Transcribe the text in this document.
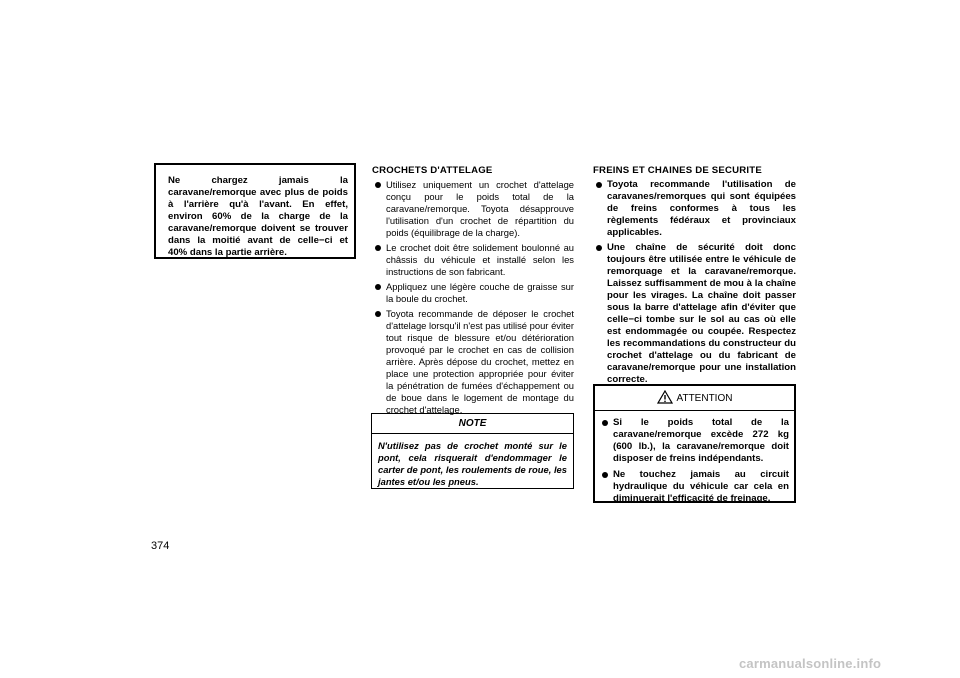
Ne chargez jamais la
caravane/remorque avec plus de poids
à l'arrière qu'à l'avant. En effet,
environ 60% de la charge de la
caravane/remorque doivent se trouver
dans la moitié avant de celle−ci et
40% dans la partie arrière.
CROCHETS D'ATTELAGE
Utilisez uniquement un crochet d'attelage conçu pour le poids total de la caravane/remorque. Toyota désapprouve l'utilisation d'un crochet de répartition du poids (équilibrage de la charge).
Le crochet doit être solidement boulonné au châssis du véhicule et installé selon les instructions de son fabricant.
Appliquez une légère couche de graisse sur la boule du crochet.
Toyota recommande de déposer le crochet d'attelage lorsqu'il n'est pas utilisé pour éviter tout risque de blessure et/ou détérioration provoqué par le crochet en cas de collision arrière. Après dépose du crochet, mettez en place une protection appropriée pour éviter la pénétration de fumées d'échappement ou de boue dans le logement de montage du crochet d'attelage.
NOTE
N'utilisez pas de crochet monté sur le pont, cela risquerait d'endommager le carter de pont, les roulements de roue, les jantes et/ou les pneus.
FREINS ET CHAINES DE SECURITE
Toyota recommande l'utilisation de caravanes/remorques qui sont équipées de freins conformes à tous les règlements fédéraux et provinciaux applicables.
Une chaîne de sécurité doit donc toujours être utilisée entre le véhicule de remorquage et la caravane/remorque. Laissez suffisamment de mou à la chaîne pour les virages. La chaîne doit passer sous la barre d'attelage afin d'éviter que celle−ci tombe sur le sol au cas où elle est endommagée ou coupée. Respectez les recommandations du constructeur du crochet d'attelage ou du fabricant de caravane/remorque pour une installation correcte.
ATTENTION
Si le poids total de la caravane/remorque excède 272 kg (600 lb.), la caravane/remorque doit disposer de freins indépendants.
Ne touchez jamais au circuit hydraulique du véhicule car cela en diminuerait l'efficacité de freinage.
374
carmanualsonline.info
